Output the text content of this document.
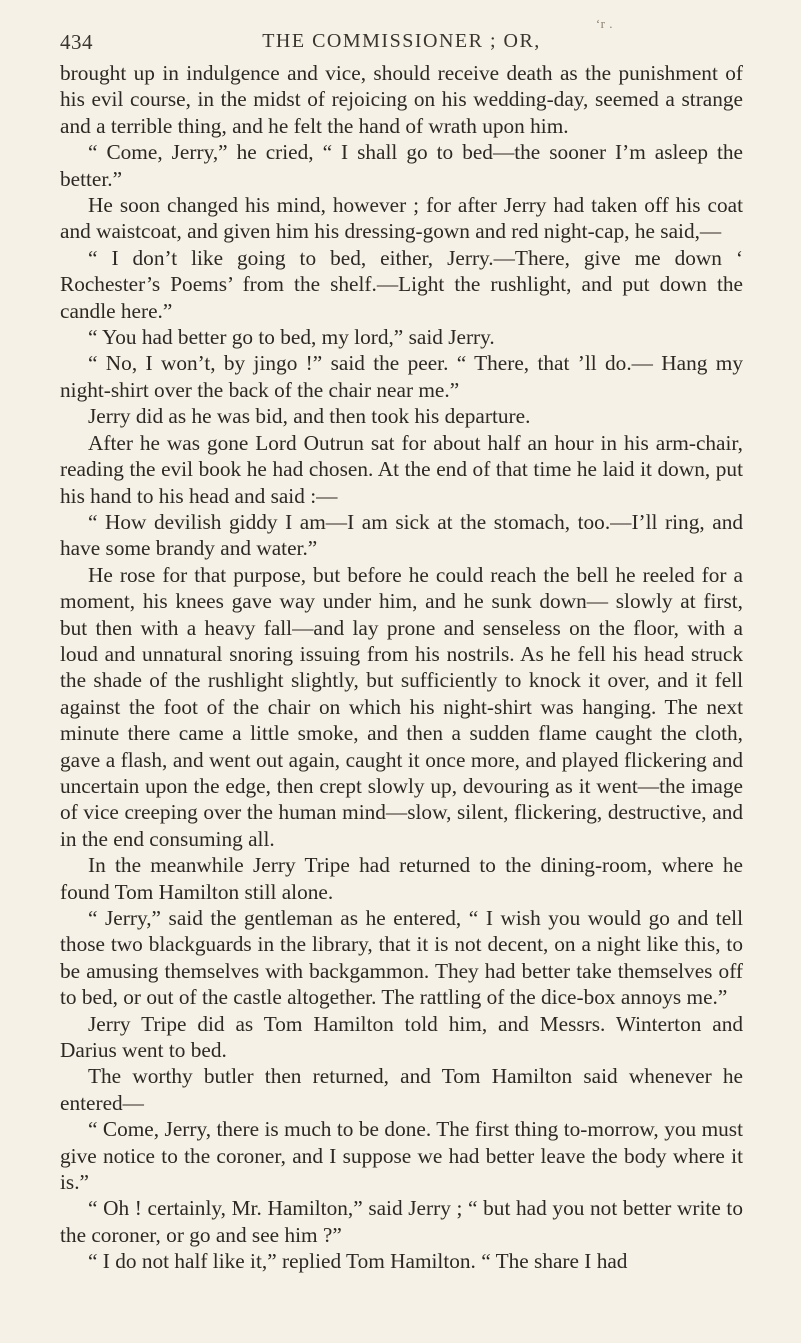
434	THE COMMISSIONER ; OR,
ʻr .

brought up in indulgence and vice, should receive death as the punishment of his evil course, in the midst of rejoicing on his wedding-day, seemed a strange and a terrible thing, and he felt the hand of wrath upon him.

“ Come, Jerry,” he cried, “ I shall go to bed—the sooner I’m asleep the better.”

He soon changed his mind, however ; for after Jerry had taken off his coat and waistcoat, and given him his dressing-gown and red night-cap, he said,—

“ I don’t like going to bed, either, Jerry.—There, give me down ‘ Rochester’s Poems’ from the shelf.—Light the rushlight, and put down the candle here.”

“ You had better go to bed, my lord,” said Jerry.

“ No, I won’t, by jingo !” said the peer. “ There, that ’ll do.— Hang my night-shirt over the back of the chair near me.”

Jerry did as he was bid, and then took his departure.

After he was gone Lord Outrun sat for about half an hour in his arm-chair, reading the evil book he had chosen. At the end of that time he laid it down, put his hand to his head and said :—

“ How devilish giddy I am—I am sick at the stomach, too.—I’ll ring, and have some brandy and water.”

He rose for that purpose, but before he could reach the bell he reeled for a moment, his knees gave way under him, and he sunk down— slowly at first, but then with a heavy fall—and lay prone and senseless on the floor, with a loud and unnatural snoring issuing from his nostrils. As he fell his head struck the shade of the rushlight slightly, but sufficiently to knock it over, and it fell against the foot of the chair on which his night-shirt was hanging. The next minute there came a little smoke, and then a sudden flame caught the cloth, gave a flash, and went out again, caught it once more, and played flickering and uncertain upon the edge, then crept slowly up, devouring as it went—the image of vice creeping over the human mind—slow, silent, flickering, destructive, and in the end consuming all.

In the meanwhile Jerry Tripe had returned to the dining-room, where he found Tom Hamilton still alone.

“ Jerry,” said the gentleman as he entered, “ I wish you would go and tell those two blackguards in the library, that it is not decent, on a night like this, to be amusing themselves with backgammon. They had better take themselves off to bed, or out of the castle altogether. The rattling of the dice-box annoys me.”

Jerry Tripe did as Tom Hamilton told him, and Messrs. Winterton and Darius went to bed.

The worthy butler then returned, and Tom Hamilton said whenever he entered—

“ Come, Jerry, there is much to be done. The first thing to-morrow, you must give notice to the coroner, and I suppose we had better leave the body where it is.”

“ Oh ! certainly, Mr. Hamilton,” said Jerry ; “ but had you not better write to the coroner, or go and see him ?”

“ I do not half like it,” replied Tom Hamilton. “ The share I had
